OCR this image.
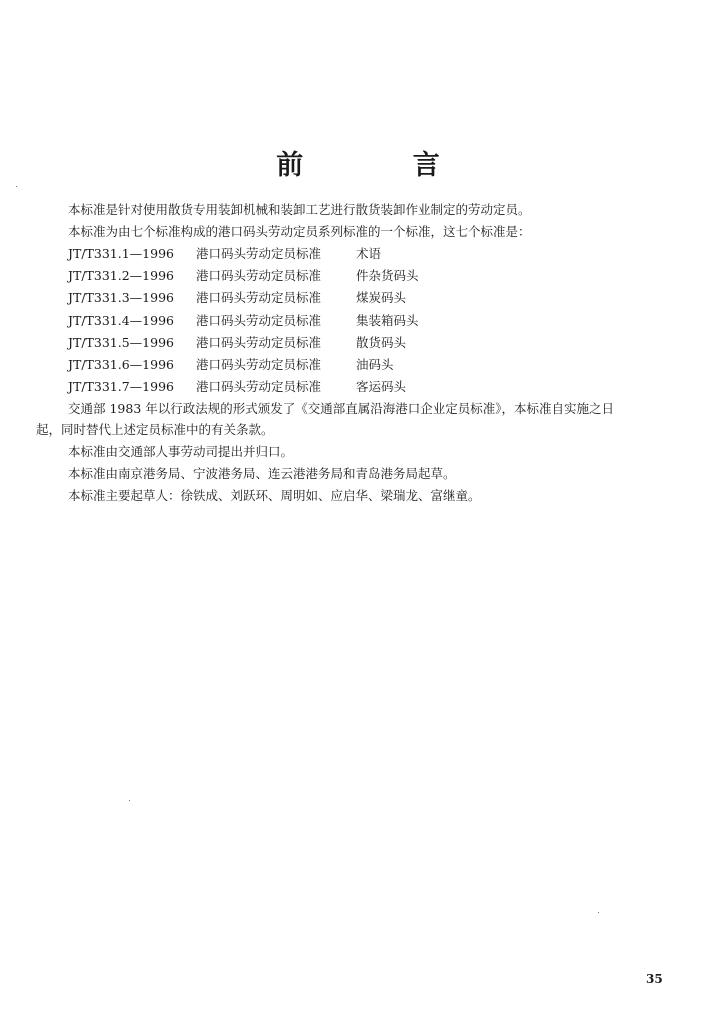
前 言
本标准是针对使用散货专用装卸机械和装卸工艺进行散货装卸作业制定的劳动定员。
本标准为由七个标准构成的港口码头劳动定员系列标准的一个标准，这七个标准是：
JT/T331.1—1996 港口码头劳动定员标准	术语
JT/T331.2—1996 港口码头劳动定员标准	件杂货码头
JT/T331.3—1996 港口码头劳动定员标准	煤炭码头
JT/T331.4—1996 港口码头劳动定员标准	集装箱码头
JT/T331.5—1996 港口码头劳动定员标准	散货码头
JT/T331.6—1996 港口码头劳动定员标准	油码头
JT/T331.7—1996 港口码头劳动定员标准	客运码头
交通部 1983 年以行政法规的形式颁发了《交通部直属沿海港口企业定员标准》，本标准自实施之日
起，同时替代上述定员标准中的有关条款。
本标准由交通部人事劳动司提出并归口。
本标准由南京港务局、宁波港务局、连云港港务局和青岛港务局起草。
本标准主要起草人：徐铁成、刘跃环、周明如、应启华、梁瑞龙、富继童。
35
